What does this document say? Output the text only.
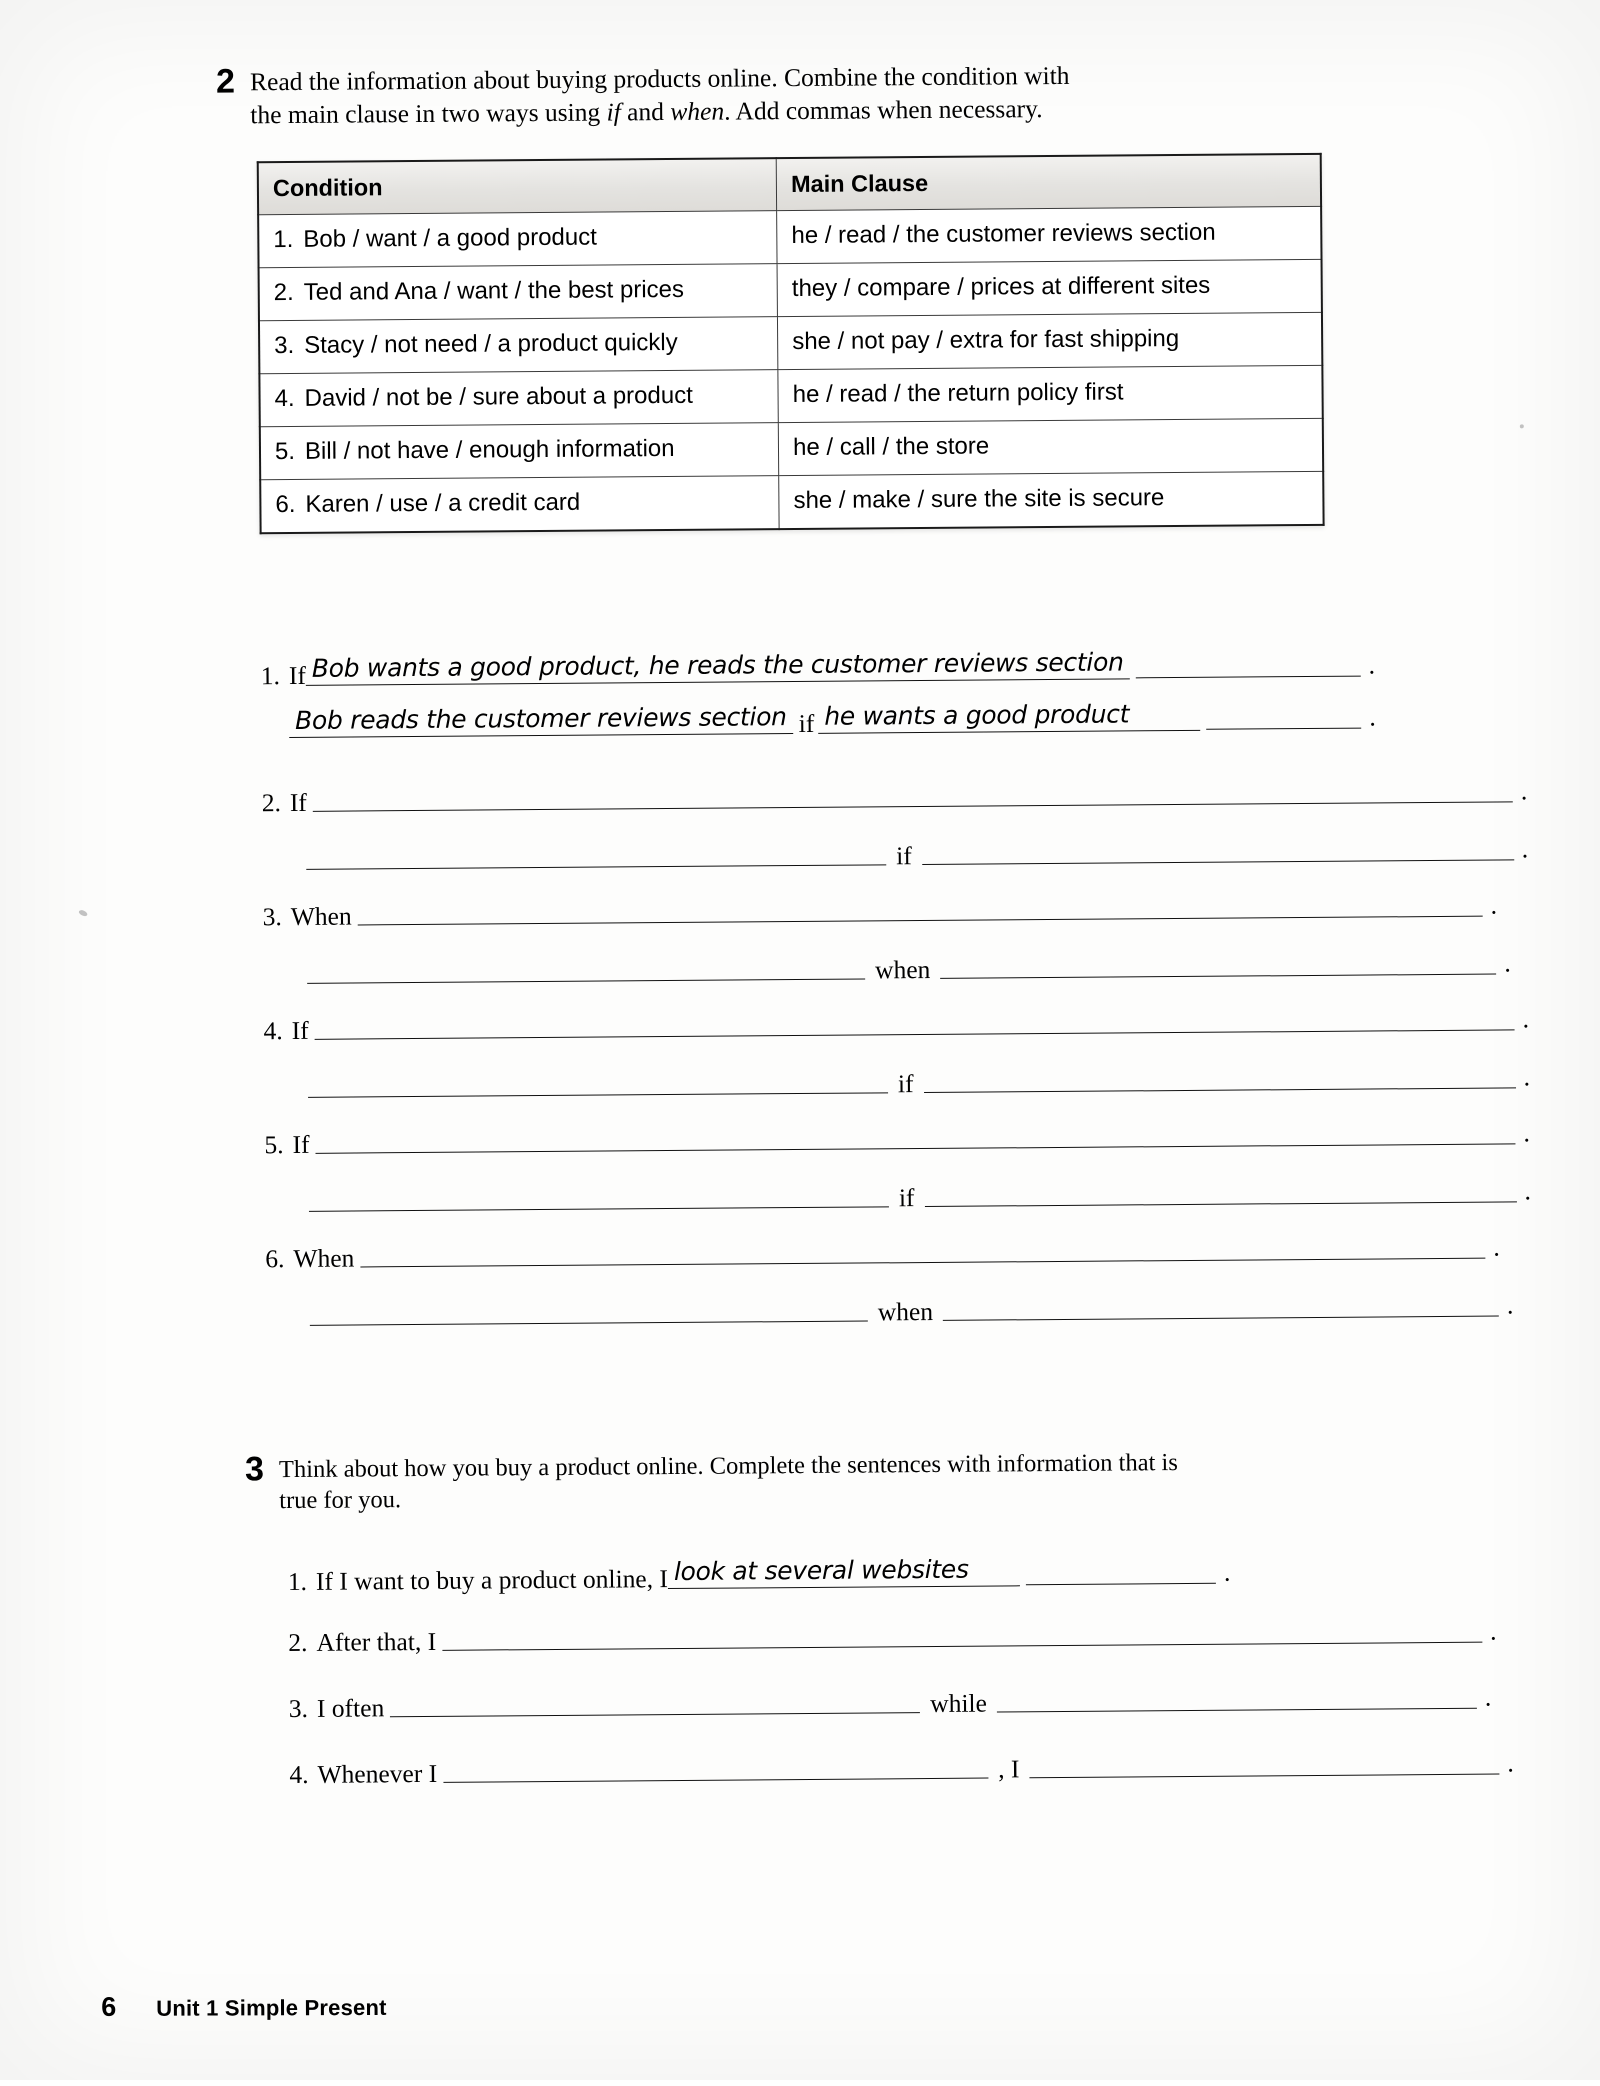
2 Read the information about buying products online. Combine the condition with
the main clause in two ways using if and when. Add commas when necessary.
Condition	Main Clause
1. Bob / want / a good product	he / read / the customer reviews section
2. Ted and Ana / want / the best prices	they / compare / prices at different sites
3. Stacy / not need / a product quickly	she / not pay / extra for fast shipping
4. David / not be / sure about a product	he / read / the return policy first
5. Bill / not have / enough information	he / call / the store
6. Karen / use / a credit card	she / make / sure the site is secure
1. If Bob wants a good product, he reads the customer reviews section	.
Bob reads the customer reviews section if he wants a good product	.
2. If	.
if	.
3. When	.
when	.
4. If	.
if	.
5. If	.
if	.
6. When	.
when	.
3 Think about how you buy a product online. Complete the sentences with information that is
true for you.
1. If I want to buy a product online, I look at several websites	.
2. After that, I	.
3. I often	while	.
4. Whenever I	, I	.
6 Unit 1 Simple Present
